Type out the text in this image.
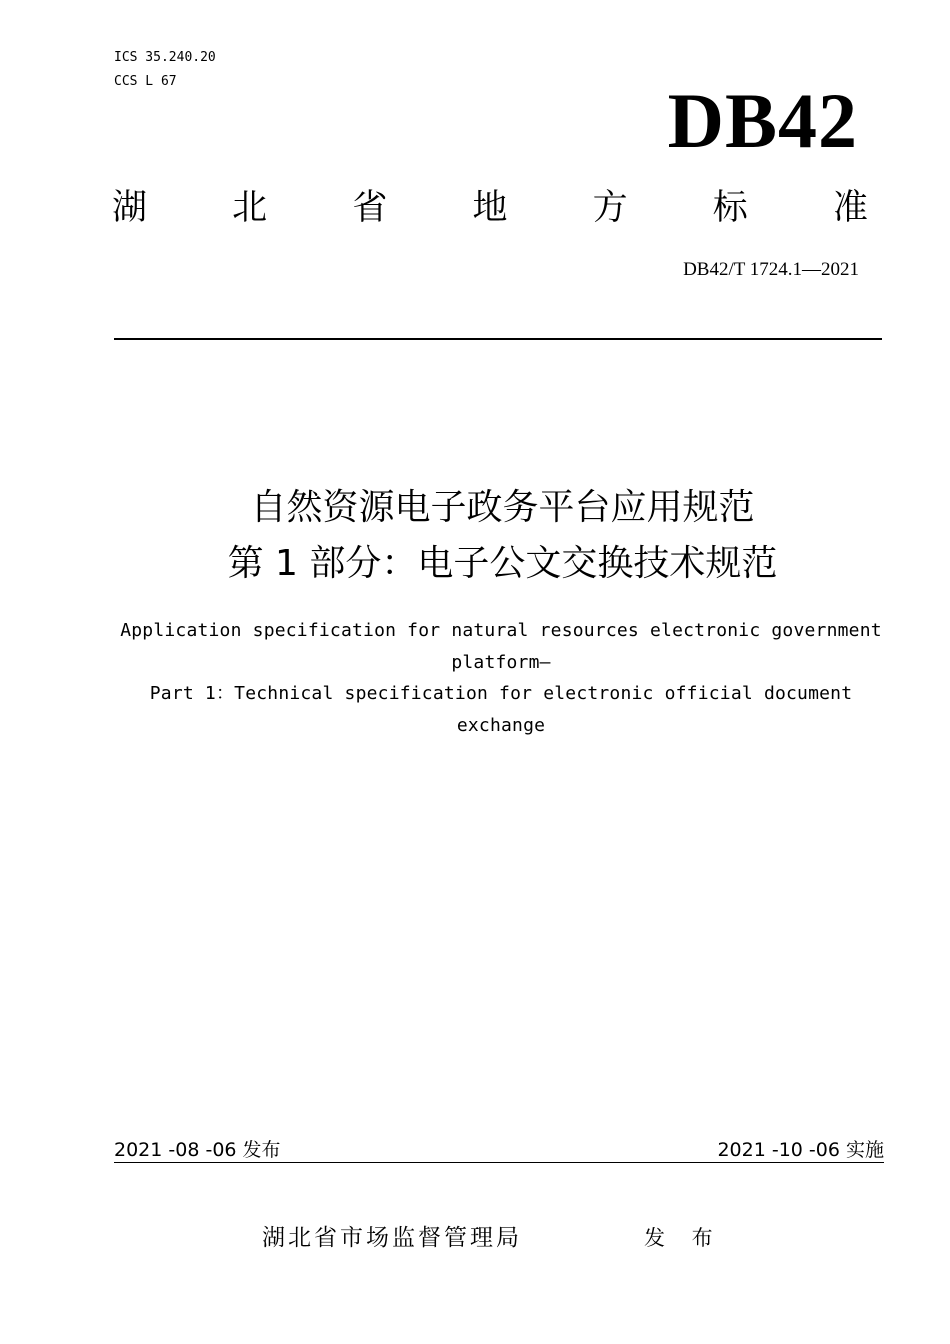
ICS 35.240.20
CCS L 67	DB42
湖 北 省 地 方 标 准
DB42/T 1724.1—2021
自然资源电子政务平台应用规范
第 1 部分：电子公文交换技术规范
Application specification for natural resources electronic government
platform—
Part 1：Technical specification for electronic official document exchange
2021 -08 -06 发布	2021 -10 -06 实施
湖北省市场监督管理局	发 布
